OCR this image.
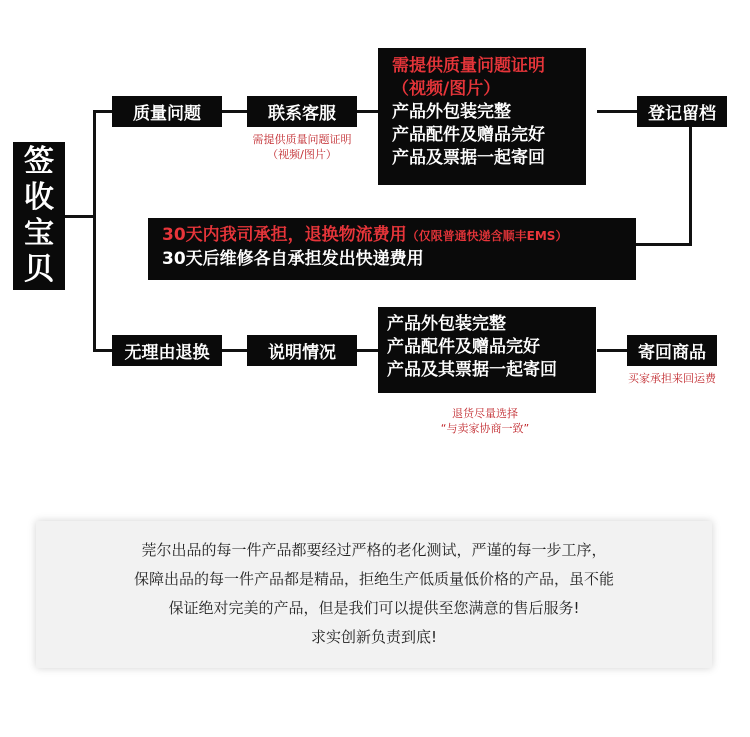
签
收
宝
贝
质量问题	联系客服
需提供质量问题证明
（视频/图片）
需提供质量问题证明
（视频/图片）
产品外包装完整
产品配件及赠品完好
产品及票据一起寄回
登记留档
30天内我司承担，退换物流费用（仅限普通快递含顺丰EMS）
30天后维修各自承担发出快递费用
无理由退换	说明情况
产品外包装完整
产品配件及赠品完好
产品及其票据一起寄回
寄回商品
买家承担来回运费
退货尽量选择
“与卖家协商一致”
莞尔出品的每一件产品都要经过严格的老化测试，严谨的每一步工序，
保障出品的每一件产品都是精品，拒绝生产低质量低价格的产品，虽不能
保证绝对完美的产品，但是我们可以提供至您满意的售后服务!
求实创新负责到底!
